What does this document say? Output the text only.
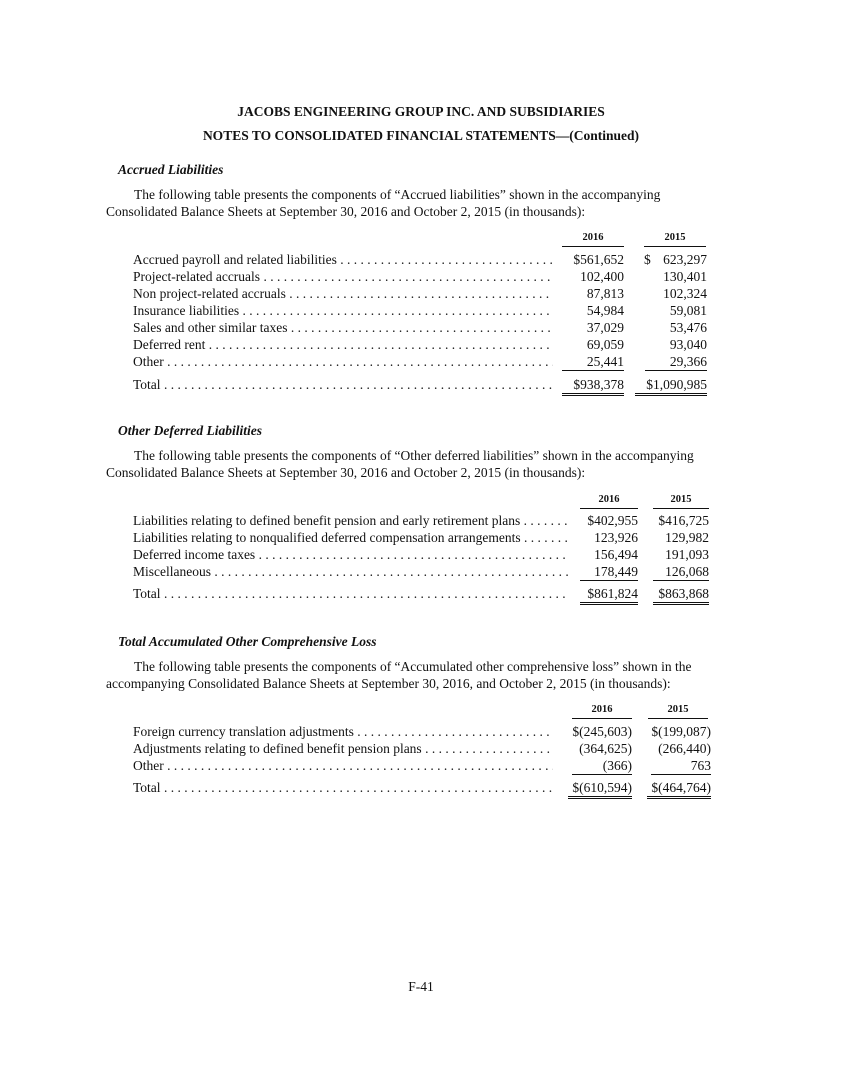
JACOBS ENGINEERING GROUP INC. AND SUBSIDIARIES
NOTES TO CONSOLIDATED FINANCIAL STATEMENTS—(Continued)
Accrued Liabilities
The following table presents the components of “Accrued liabilities” shown in the accompanying
Consolidated Balance Sheets at September 30, 2016 and October 2, 2015 (in thousands):
2016	2015
Accrued payroll and related liabilities . . .	$561,652 $ 623,297
Project-related accruals . . .	102,400	130,401
Non project-related accruals . . .	87,813	102,324
Insurance liabilities . . .	54,984	59,081
Sales and other similar taxes . . .	37,029	53,476
Deferred rent . . .	69,059	93,040
Other . . .	25,441	29,366
Total . . .	$938,378	$1,090,985
Other Deferred Liabilities
The following table presents the components of “Other deferred liabilities” shown in the accompanying
Consolidated Balance Sheets at September 30, 2016 and October 2, 2015 (in thousands):
2016	2015
Liabilities relating to defined benefit pension and early retirement plans . . .	$402,955 $416,725
Liabilities relating to nonqualified deferred compensation arrangements . . .	123,926 129,982
Deferred income taxes . . .	156,494 191,093
Miscellaneous . . .	178,449	126,068
Total . . .	$861,824	$863,868
Total Accumulated Other Comprehensive Loss
The following table presents the components of “Accumulated other comprehensive loss” shown in the
accompanying Consolidated Balance Sheets at September 30, 2016, and October 2, 2015 (in thousands):
2016	2015
Foreign currency translation adjustments . . .	$(245,603) $(199,087)
Adjustments relating to defined benefit pension plans . . .	(364,625) (266,440)
Other . . .	(366)	763
Total . . .	$(610,594)	$(464,764)
F-41
